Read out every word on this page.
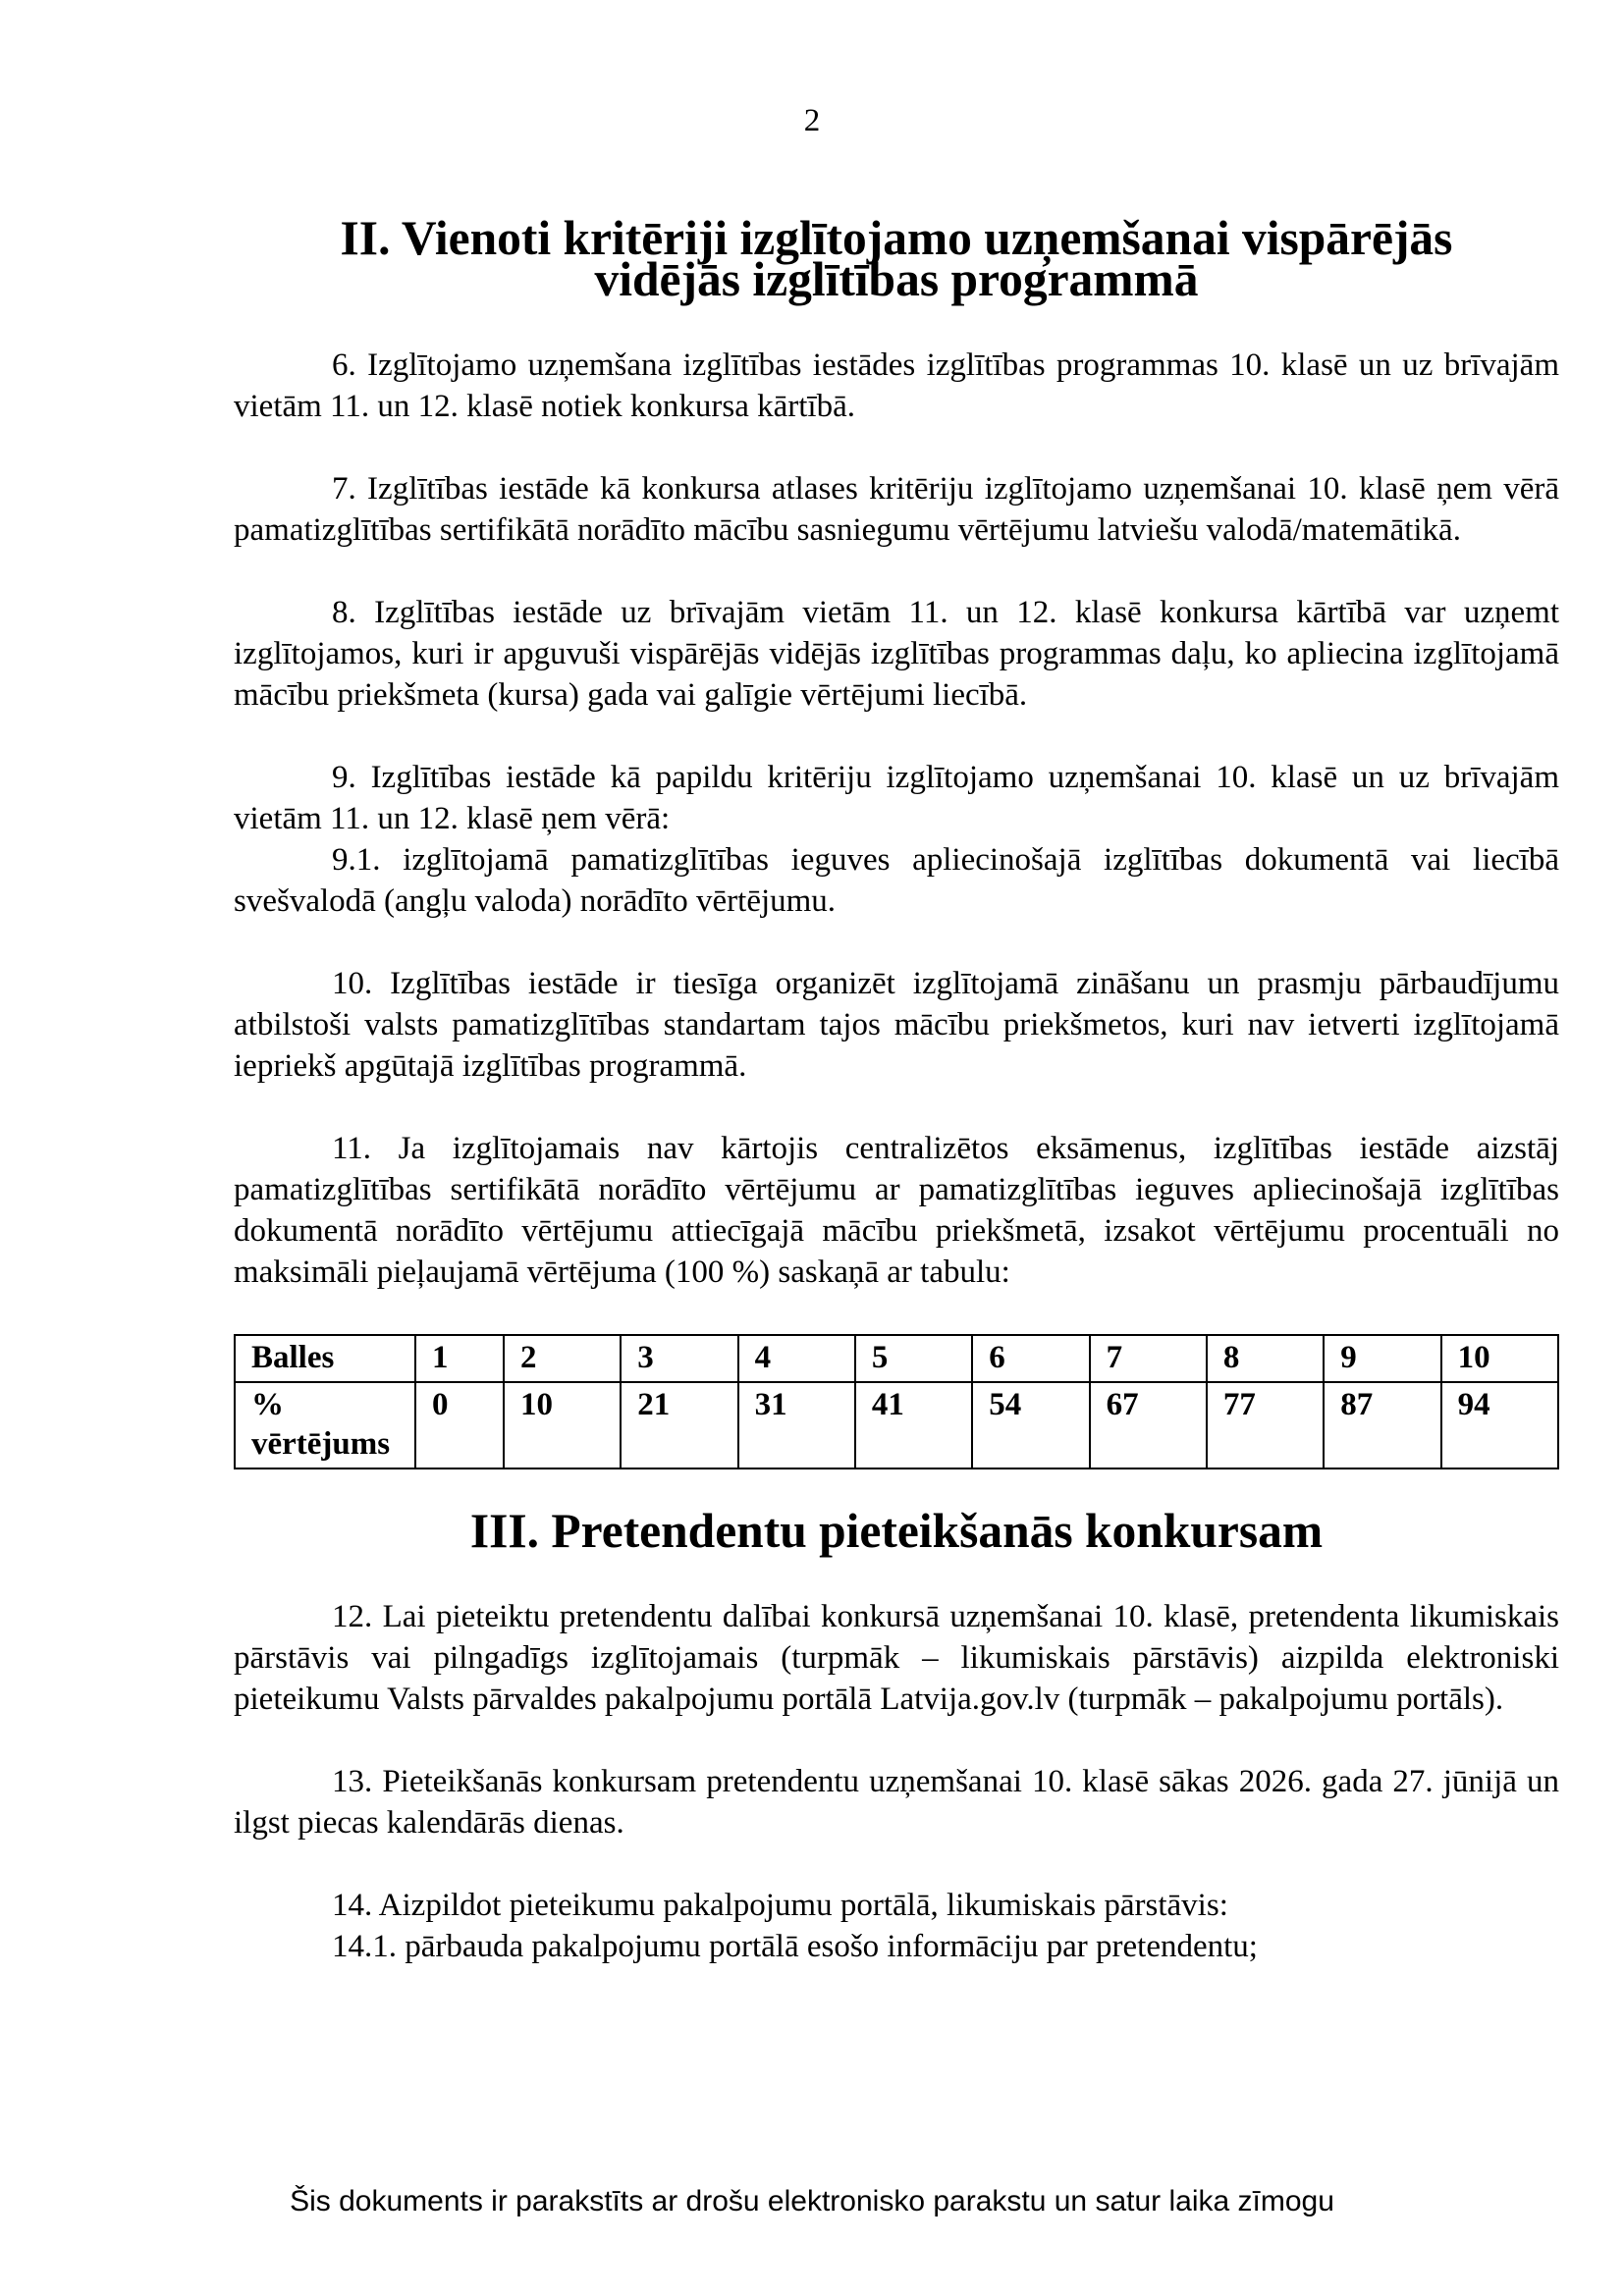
2
II. Vienoti kritēriji izglītojamo uzņemšanai vispārējās
vidējās izglītības programmā

6. Izglītojamo uzņemšana izglītības iestādes izglītības programmas 10. klasē un uz brīvajām vietām 11. un 12. klasē notiek konkursa kārtībā.

7. Izglītības iestāde kā konkursa atlases kritēriju izglītojamo uzņemšanai 10. klasē ņem vērā pamatizglītības sertifikātā norādīto mācību sasniegumu vērtējumu latviešu valodā/matemātikā.

8. Izglītības iestāde uz brīvajām vietām 11. un 12. klasē konkursa kārtībā var uzņemt izglītojamos, kuri ir apguvuši vispārējās vidējās izglītības programmas daļu, ko apliecina izglītojamā mācību priekšmeta (kursa) gada vai galīgie vērtējumi liecībā.

9. Izglītības iestāde kā papildu kritēriju izglītojamo uzņemšanai 10. klasē un uz brīvajām vietām 11. un 12. klasē ņem vērā:

9.1. izglītojamā pamatizglītības ieguves apliecinošajā izglītības dokumentā vai liecībā svešvalodā (angļu valoda) norādīto vērtējumu.

10. Izglītības iestāde ir tiesīga organizēt izglītojamā zināšanu un prasmju pārbaudījumu atbilstoši valsts pamatizglītības standartam tajos mācību priekšmetos, kuri nav ietverti izglītojamā iepriekš apgūtajā izglītības programmā.

11. Ja izglītojamais nav kārtojis centralizētos eksāmenus, izglītības iestāde aizstāj pamatizglītības sertifikātā norādīto vērtējumu ar pamatizglītības ieguves apliecinošajā izglītības dokumentā norādīto vērtējumu attiecīgajā mācību priekšmetā, izsakot vērtējumu procentuāli no maksimāli pieļaujamā vērtējuma (100 %) saskaņā ar tabulu:

Balles	1	2	3	4	5	6	7	8	9	10

%
vērtējums	0	10	21	31	41	54	67	77	87	94
III. Pretendentu pieteikšanās konkursam

12. Lai pieteiktu pretendentu dalībai konkursā uzņemšanai 10. klasē, pretendenta likumiskais pārstāvis vai pilngadīgs izglītojamais (turpmāk – likumiskais pārstāvis) aizpilda elektroniski pieteikumu Valsts pārvaldes pakalpojumu portālā Latvija.gov.lv (turpmāk – pakalpojumu portāls).

13. Pieteikšanās konkursam pretendentu uzņemšanai 10. klasē sākas 2026. gada 27. jūnijā un ilgst piecas kalendārās dienas.

14. Aizpildot pieteikumu pakalpojumu portālā, likumiskais pārstāvis:

14.1. pārbauda pakalpojumu portālā esošo informāciju par pretendentu;

Šis dokuments ir parakstīts ar drošu elektronisko parakstu un satur laika zīmogu
